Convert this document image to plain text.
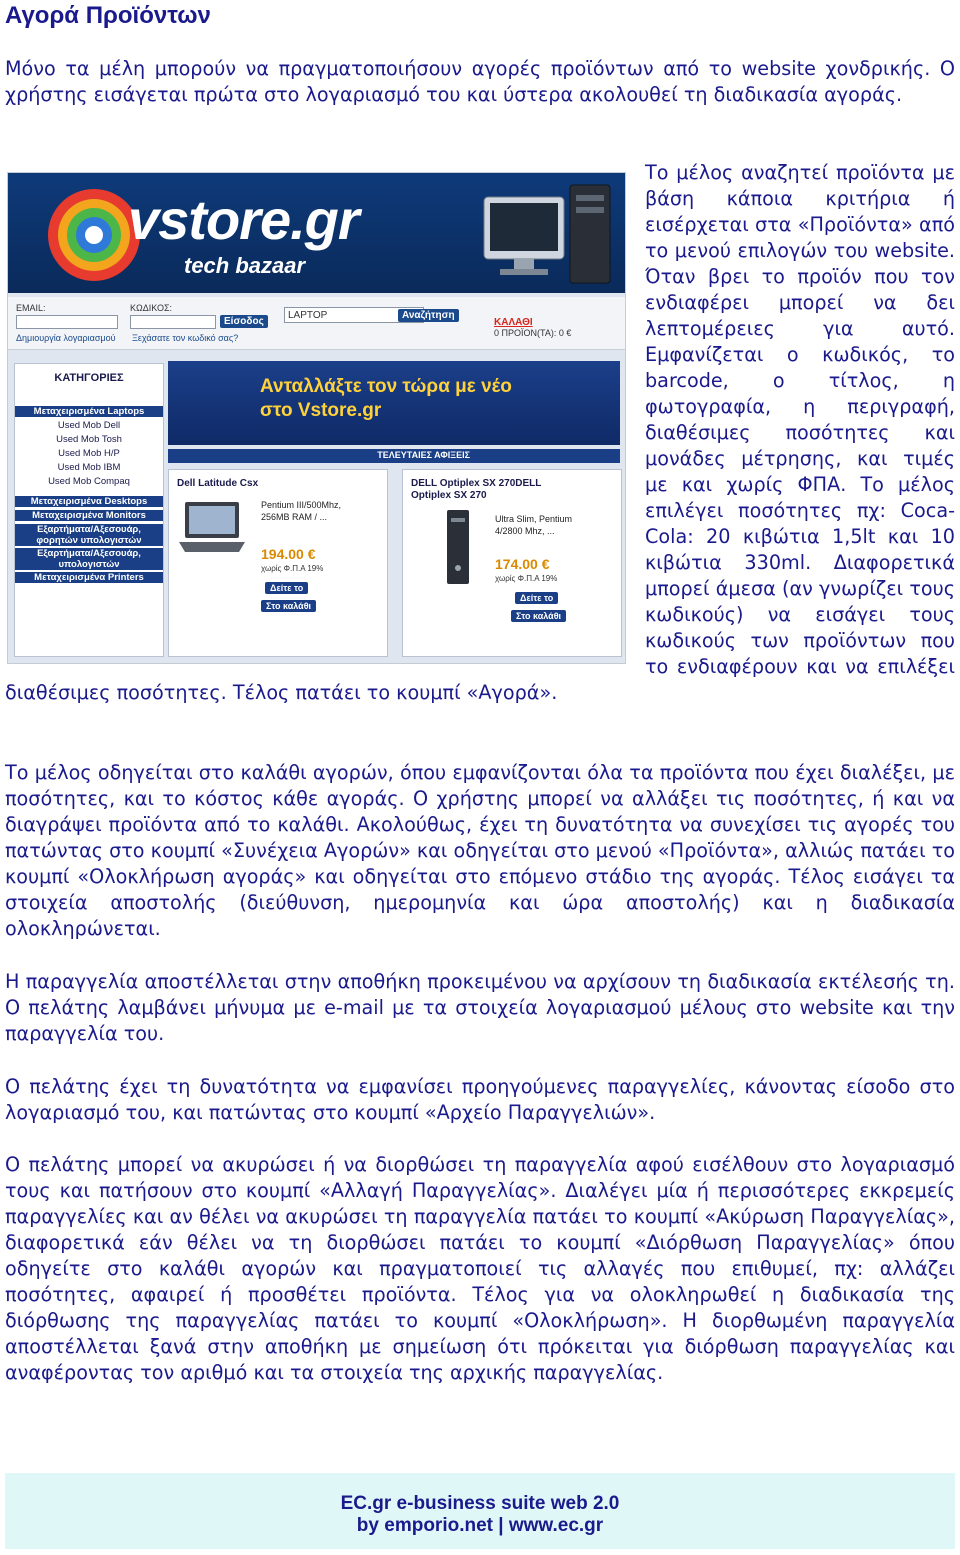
Αγορά Προϊόντων

Μόνο τα μέλη μπορούν να πραγματοποιήσουν αγορές προϊόντων από το website χονδρικής. Ο χρήστης εισάγεται πρώτα στο λογαριασμό του και ύστερα ακολουθεί τη διαδικασία αγοράς.

vstore.gr
tech bazaar
EMAIL:	ΚΩΔΙΚΟΣ:
Είσοδος
Δημιουργία λογαριασμού Ξεχάσατε τον κωδικό σας?
LAPTOP	Αναζήτηση
ΚΑΛΑΘΙ
0 ΠΡΟΪΟΝ(ΤΑ): 0 €
ΚΑΤΗΓΟΡΙΕΣ
Μεταχειρισμένα Laptops
Used Mob Dell
Used Mob Tosh
Used Mob H/P
Used Mob IBM
Used Mob Compaq
Μεταχειρισμένα Desktops
Μεταχειρισμένα Monitors
Εξαρτήματα/Αξεσουάρ, φορητών υπολογιστών
Εξαρτήματα/Αξεσουάρ, υπολογιστών
Μεταχειρισμένα Printers
Ανταλλάξτε τον τώρα με νέο στο Vstore.gr
ΤΕΛΕΥΤΑΙΕΣ ΑΦΙΞΕΙΣ
Dell Latitude Csx
Pentium III/500Mhz,
256MB RAM / ...
194.00 €
χωρίς Φ.Π.Α 19%
Δείτε το
Στο καλάθι
DELL Optiplex SX 270DELL
Optiplex SX 270
Ultra Slim, Pentium
4/2800 Mhz, ...
174.00 €
χωρίς Φ.Π.Α 19%
Δείτε το
Στο καλάθι

Το μέλος αναζητεί προϊόντα με βάση κάποια κριτήρια ή εισέρχεται στα «Προϊόντα» από το μενού επιλογών του website. Όταν βρει το προϊόν που τον ενδιαφέρει μπορεί να δει λεπτομέρειες για αυτό. Εμφανίζεται ο κωδικός, το barcode, ο τίτλος, η φωτογραφία, η περιγραφή, διαθέσιμες ποσότητες και μονάδες μέτρησης, και τιμές με και χωρίς ΦΠΑ. Το μέλος επιλέγει ποσότητες πχ: Coca-Cola: 20 κιβώτια 1,5lt και 10 κιβώτια 330ml. Διαφορετικά μπορεί άμεσα (αν γνωρίζει τους κωδικούς) να εισάγει τους κωδικούς των προϊόντων που το ενδιαφέρουν και να επιλέξει διαθέσιμες ποσότητες. Τέλος πατάει το κουμπί «Αγορά».

Το μέλος οδηγείται στο καλάθι αγορών, όπου εμφανίζονται όλα τα προϊόντα που έχει διαλέξει, με ποσότητες, και το κόστος κάθε αγοράς. Ο χρήστης μπορεί να αλλάξει τις ποσότητες, ή και να διαγράψει προϊόντα από το καλάθι. Ακολούθως, έχει τη δυνατότητα να συνεχίσει τις αγορές του πατώντας στο κουμπί «Συνέχεια Αγορών» και οδηγείται στο μενού «Προϊόντα», αλλιώς πατάει το κουμπί «Ολοκλήρωση αγοράς» και οδηγείται στο επόμενο στάδιο της αγοράς. Τέλος εισάγει τα στοιχεία αποστολής (διεύθυνση, ημερομηνία και ώρα αποστολής) και η διαδικασία ολοκληρώνεται.

Η παραγγελία αποστέλλεται στην αποθήκη προκειμένου να αρχίσουν τη διαδικασία εκτέλεσής τη. Ο πελάτης λαμβάνει μήνυμα με e-mail με τα στοιχεία λογαριασμού μέλους στο website και την παραγγελία του.

Ο πελάτης έχει τη δυνατότητα να εμφανίσει προηγούμενες παραγγελίες, κάνοντας είσοδο στο λογαριασμό του, και πατώντας στο κουμπί «Αρχείο Παραγγελιών».

Ο πελάτης μπορεί να ακυρώσει ή να διορθώσει τη παραγγελία αφού εισέλθουν στο λογαριασμό τους και πατήσουν στο κουμπί «Αλλαγή Παραγγελίας». Διαλέγει μία ή περισσότερες εκκρεμείς παραγγελίες και αν θέλει να ακυρώσει τη παραγγελία πατάει το κουμπί «Ακύρωση Παραγγελίας», διαφορετικά εάν θέλει να τη διορθώσει πατάει το κουμπί «Διόρθωση Παραγγελίας» όπου οδηγείτε στο καλάθι αγορών και πραγματοποιεί τις αλλαγές που επιθυμεί, πχ: αλλάζει ποσότητες, αφαιρεί ή προσθέτει προϊόντα. Τέλος για να ολοκληρωθεί η διαδικασία της διόρθωσης της παραγγελίας πατάει το κουμπί «Ολοκλήρωση». Η διορθωμένη παραγγελία αποστέλλεται ξανά στην αποθήκη με σημείωση ότι πρόκειται για διόρθωση παραγγελίας και αναφέροντας τον αριθμό και τα στοιχεία της αρχικής παραγγελίας.

EC.gr e-business suite web 2.0
by emporio.net | www.ec.gr
